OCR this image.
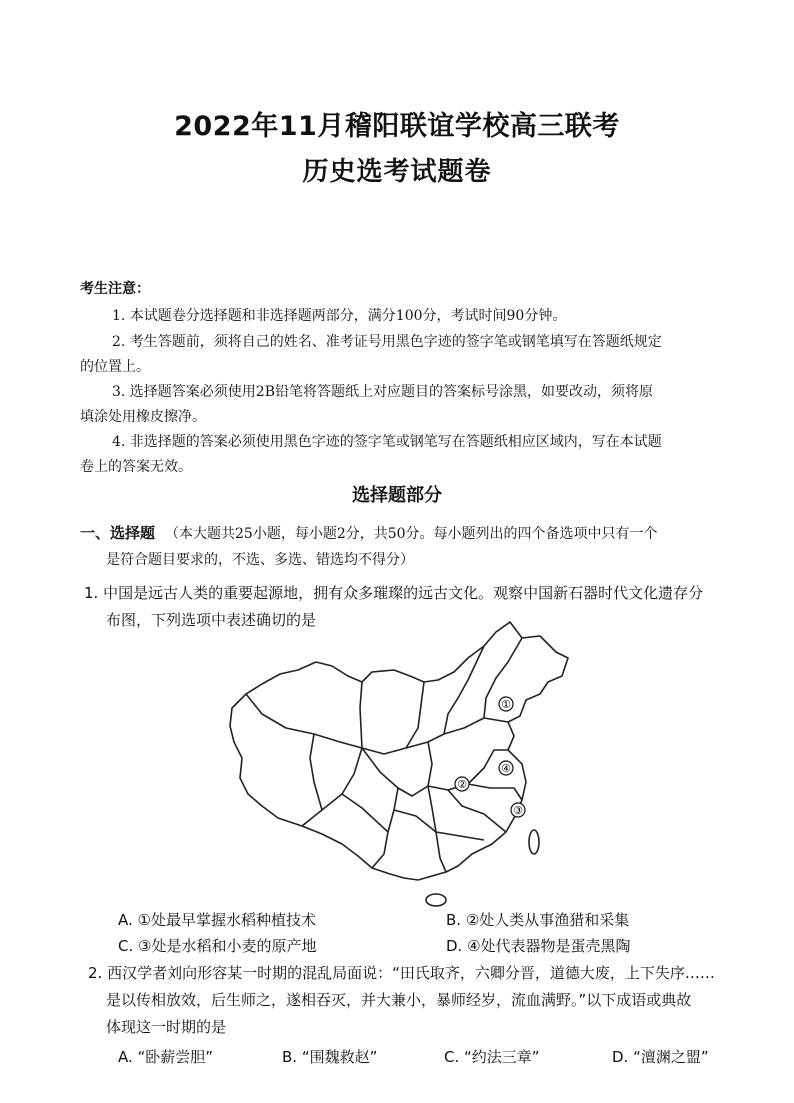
2022年11月稽阳联谊学校高三联考
历史选考试题卷
考生注意：
1. 本试题卷分选择题和非选择题两部分，满分100分，考试时间90分钟。
2. 考生答题前，须将自己的姓名、准考证号用黑色字迹的签字笔或钢笔填写在答题纸规定
的位置上。
3. 选择题答案必须使用2B铅笔将答题纸上对应题目的答案标号涂黑，如要改动，须将原
填涂处用橡皮擦净。
4. 非选择题的答案必须使用黑色字迹的签字笔或钢笔写在答题纸相应区域内，写在本试题
卷上的答案无效。
选择题部分
一、选择题 （本大题共25小题，每小题2分，共50分。每小题列出的四个备选项中只有一个
是符合题目要求的，不选、多选、错选均不得分）
1. 中国是远古人类的重要起源地，拥有众多璀璨的远古文化。观察中国新石器时代文化遗存分
布图，下列选项中表述确切的是
①
②
③
④
A. ①处最早掌握水稻种植技术	B. ②处人类从事渔猎和采集
C. ③处是水稻和小麦的原产地	D. ④处代表器物是蛋壳黑陶
2. 西汉学者刘向形容某一时期的混乱局面说：“田氏取齐，六卿分晋，道德大废，上下失序……
是以传相放效，后生师之，遂相吞灭，并大兼小，暴师经岁，流血满野。”以下成语或典故
体现这一时期的是
A. “卧薪尝胆”	B. “围魏救赵”	C. “约法三章”	D. “澶渊之盟”
